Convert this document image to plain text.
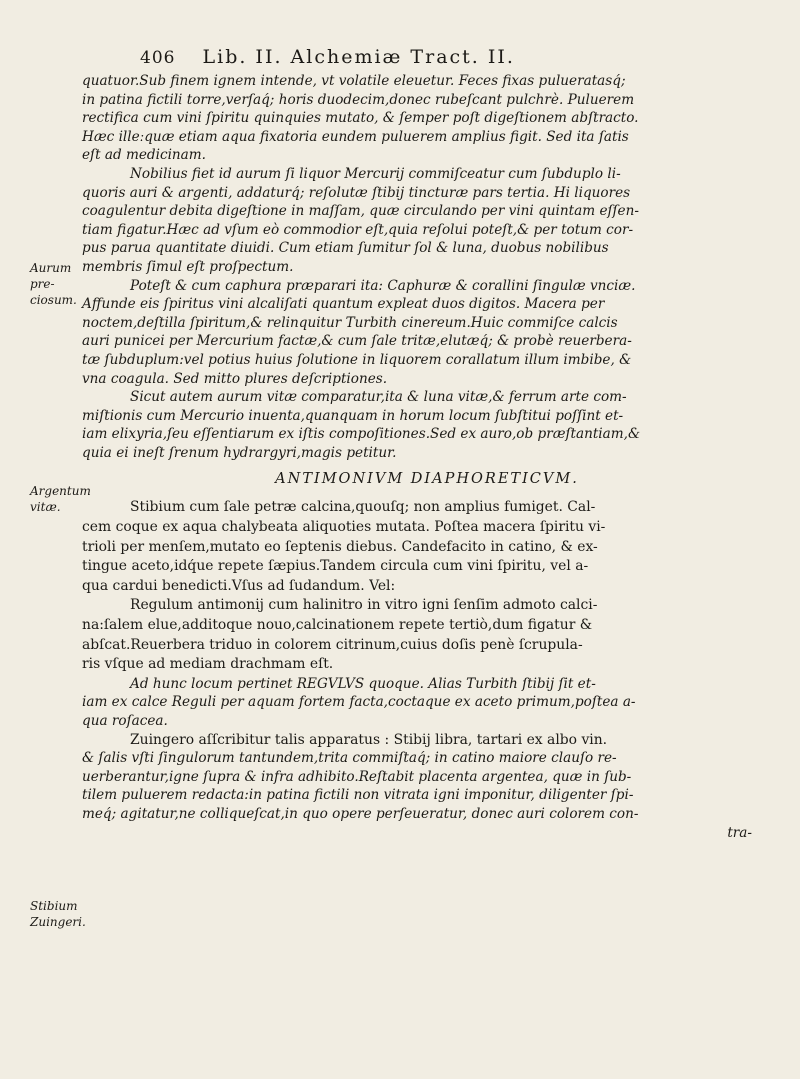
406 Lib. II. Alchemiæ Tract. II.
Aurum pre-
ciosum.
Argentum
vitæ.
Stibium
Zuingeri.
quatuor.Sub finem ignem intende, vt volatile eleuetur. Feces fixas pulueratasq́;
in patina fictili torre,verſaq́; horis duodecim,donec rubeſcant pulchrè. Puluerem
rectifica cum vini ſpiritu quinquies mutato, & ſemper poſt digeſtionem abſtracto.
Hæc illeːquæ etiam aqua fixatoria eundem puluerem amplius figit. Sed ita ſatis
eſt ad medicinam.
Nobilius fiet id aurum ſi liquor Mercurij commiſceatur cum ſubduplo li-
quoris auri & argenti, addaturq́; reſolutæ ſtibij tincturæ pars tertia. Hi liquores
coagulentur debita digeſtione in maſſam, quæ circulando per vini quintam eſſen-
tiam figatur.Hæc ad vſum eò commodior eſt,quia reſolui poteſt,& per totum cor-
pus parua quantitate diuidi. Cum etiam ſumitur ſol & luna, duobus nobilibus
membris ſimul eſt proſpectum.
Poteſt & cum caphura præparari ita: Caphuræ & corallini ſingulæ vnciæ.
Affunde eis ſpiritus vini alcaliſati quantum expleat duos digitos. Macera per
noctem,deſtilla ſpiritum,& relinquitur Turbith cinereum.Huic commiſce calcis
auri punicei per Mercurium factæ,& cum ſale tritæ,elutæq́; & probè reuerbera-
tæ ſubduplum:vel potius huius ſolutione in liquorem corallatum illum imbibe, &
vna coagula. Sed mitto plures deſcriptiones.
Sicut autem aurum vitæ comparatur,ita & luna vitæ,& ferrum arte com-
miſtionis cum Mercurio inuenta,quanquam in horum locum ſubſtitui poſſint et-
iam elixyria,ſeu eſſentiarum ex iſtis compoſitiones.Sed ex auro,ob præſtantiam,&
quia ei ineſt ſrenum hydrargyri,magis petitur.
ANTIMONIVM DIAPHORETICVM.
Stibium cum ſale petræ calcina,quouſq; non amplius fumiget. Cal-
cem coque ex aqua chalybeata aliquoties mutata. Poſtea macera ſpiritu vi-
trioli per menſem,mutato eo ſeptenis diebus. Candefacito in catino, & ex-
tingue aceto,idq́ue repete ſæpius.Tandem circula cum vini ſpiritu, vel a-
qua cardui benedicti.Vſus ad ſudandum. Vel:
Regulum antimonij cum halinitro in vitro igni ſenſim admoto calci-
na:ſalem elue,additoque nouo,calcinationem repete tertiò,dum figatur &
abſcat.Reuerbera triduo in colorem citrinum,cuius doſis penè ſcrupula-
ris vſque ad mediam drachmam eſt.
Ad hunc locum pertinet REGVLVS quoque. Alias Turbith ſtibij ſit et-
iam ex calce Reguli per aquam fortem facta,coctaque ex aceto primum,poſtea a-
qua roſacea.
Zuingero aſſcribitur talis apparatus : Stibij libra, tartari ex albo vin.
& ſalis vſti ſingulorum tantundem,trita commiſtaq́; in catino maiore clauſo re-
uerberantur,igne ſupra & infra adhibito.Reſtabit placenta argentea, quæ in ſub-
tilem puluerem redacta:in patina fictili non vitrata igni imponitur, diligenter ſpi-
meq́; agitatur,ne colliqueſcat,in quo opere perſeueratur, donec auri colorem con-
tra-
